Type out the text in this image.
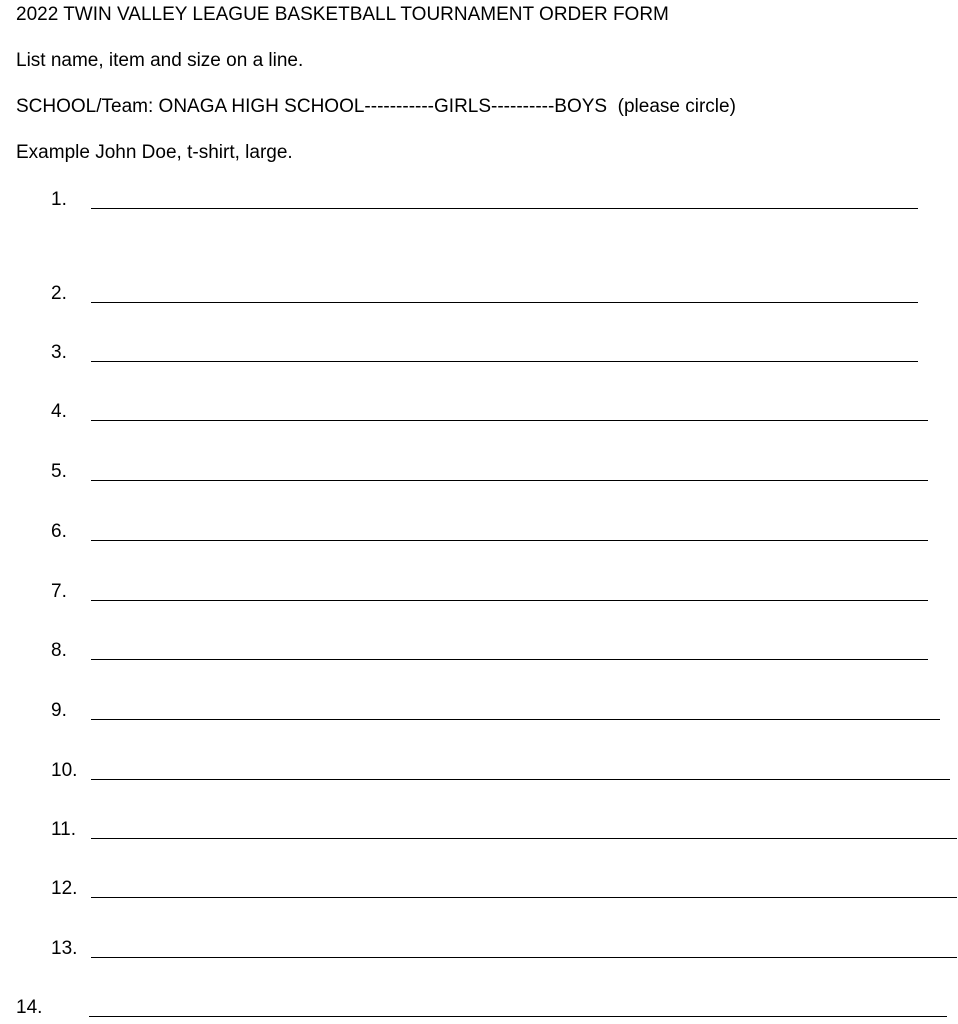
2022 TWIN VALLEY LEAGUE BASKETBALL TOURNAMENT ORDER FORM
List name, item and size on a line.
SCHOOL/Team: ONAGA HIGH SCHOOL-----------GIRLS----------BOYS  (please circle)
Example John Doe, t-shirt, large.
1.
2.
3.
4.
5.
6.
7.
8.
9.
10.
11.
12.
13.
14.
